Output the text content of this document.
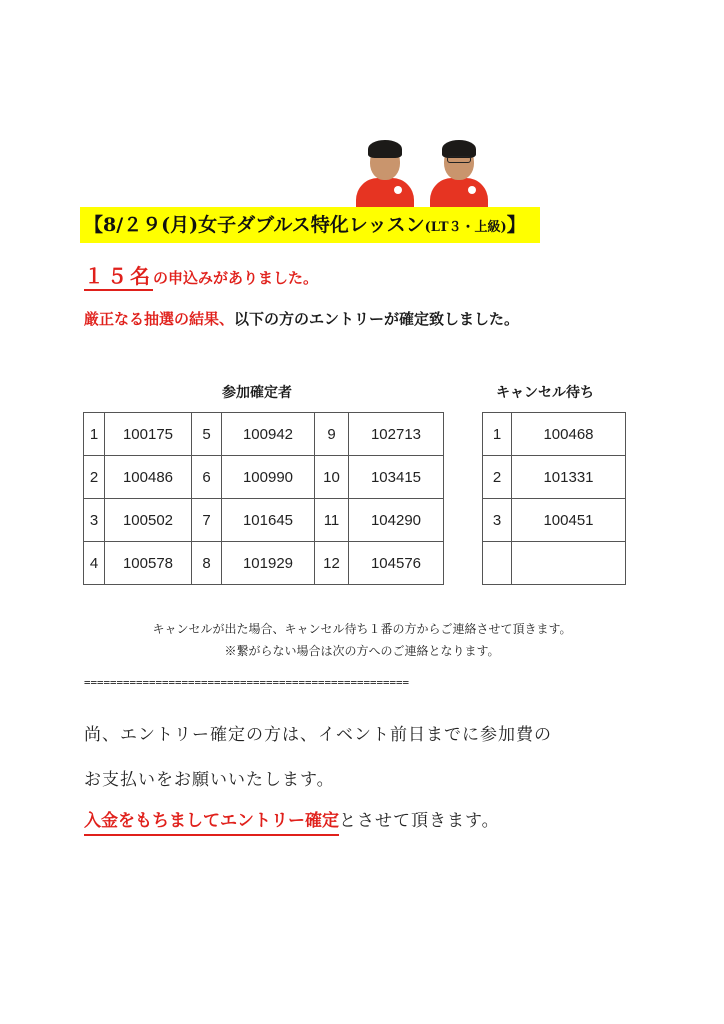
【8/２９(月)女子ダブルス特化レッスン(LT３・上級)】
１５名の申込みがありました。
厳正なる抽選の結果、以下の方のエントリーが確定致しました。
参加確定者
1	100175	5	100942	9	102713
2	100486	6	100990	10	103415
3	100502	7	101645	11	104290
4	100578	8	101929	12	104576
キャンセル待ち
1	100468
2	101331
3	100451

キャンセルが出た場合、キャンセル待ち１番の方からご連絡させて頂きます。
※繋がらない場合は次の方へのご連絡となります。
==================================================
尚、エントリー確定の方は、イベント前日までに参加費の
お支払いをお願いいたします。
入金をもちましてエントリー確定とさせて頂きます。
